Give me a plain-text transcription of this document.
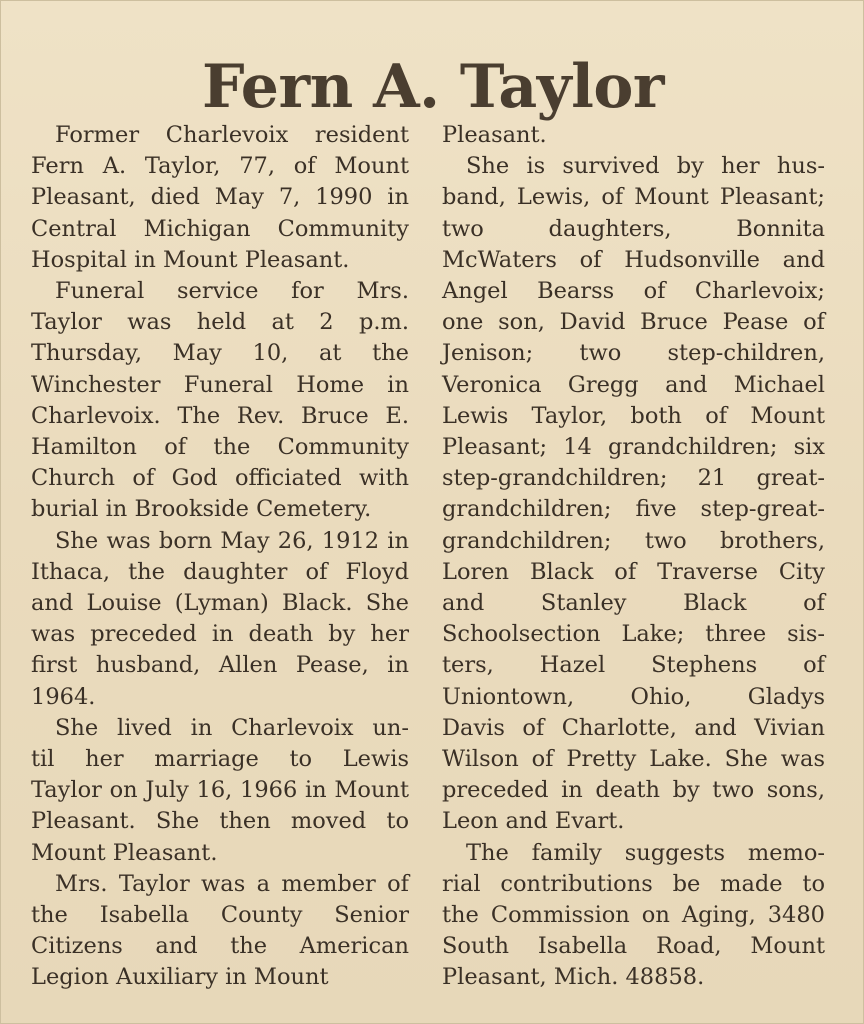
Fern A. Taylor

Former Charlevoix resident
Fern A. Taylor, 77, of Mount
Pleasant, died May 7, 1990 in
Central Michigan Community
Hospital in Mount Pleasant.

Funeral service for Mrs.
Taylor was held at 2 p.m.
Thursday, May 10, at the
Winchester Funeral Home in
Charlevoix. The Rev. Bruce E.
Hamilton of the Community
Church of God officiated with
burial in Brookside Cemetery.

She was born May 26, 1912 in
Ithaca, the daughter of Floyd
and Louise (Lyman) Black. She
was preceded in death by her
first husband, Allen Pease, in
1964.

She lived in Charlevoix un-
til her marriage to Lewis
Taylor on July 16, 1966 in Mount
Pleasant. She then moved to
Mount Pleasant.

Mrs. Taylor was a member of
the Isabella County Senior
Citizens and the American
Legion Auxiliary in Mount

Pleasant.

She is survived by her hus-
band, Lewis, of Mount Pleasant;
two daughters, Bonnita
McWaters of Hudsonville and
Angel Bearss of Charlevoix;
one son, David Bruce Pease of
Jenison; two step-children,
Veronica Gregg and Michael
Lewis Taylor, both of Mount
Pleasant; 14 grandchildren; six
step-grandchildren; 21 great-
grandchildren; five step-great-
grandchildren; two brothers,
Loren Black of Traverse City
and Stanley Black of
Schoolsection Lake; three sis-
ters, Hazel Stephens of
Uniontown, Ohio, Gladys
Davis of Charlotte, and Vivian
Wilson of Pretty Lake. She was
preceded in death by two sons,
Leon and Evart.

The family suggests memo-
rial contributions be made to
the Commission on Aging, 3480
South Isabella Road, Mount
Pleasant, Mich. 48858.
